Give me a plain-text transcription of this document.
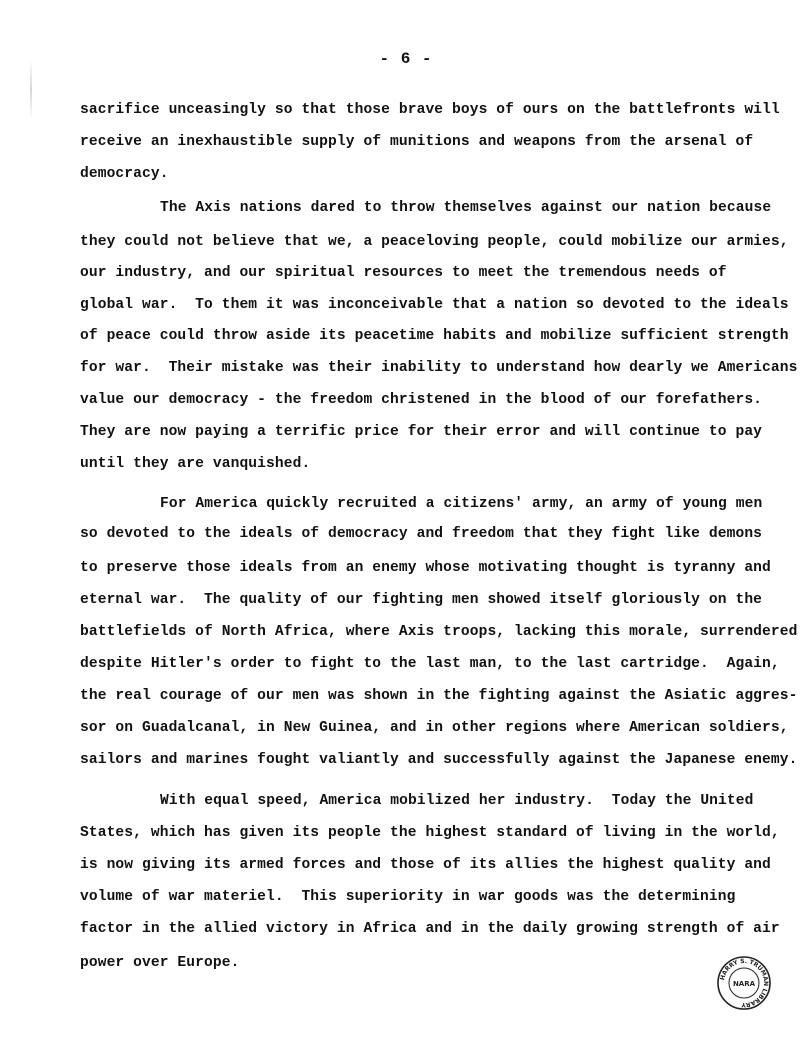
- 6 -
sacrifice unceasingly so that those brave boys of ours on the battlefronts will
receive an inexhaustible supply of munitions and weapons from the arsenal of
democracy.
The Axis nations dared to throw themselves against our nation because
they could not believe that we, a peaceloving people, could mobilize our armies,
our industry, and our spiritual resources to meet the tremendous needs of
global war.  To them it was inconceivable that a nation so devoted to the ideals
of peace could throw aside its peacetime habits and mobilize sufficient strength
for war.  Their mistake was their inability to understand how dearly we Americans
value our democracy - the freedom christened in the blood of our forefathers.
They are now paying a terrific price for their error and will continue to pay
until they are vanquished.
For America quickly recruited a citizens' army, an army of young men
so devoted to the ideals of democracy and freedom that they fight like demons
to preserve those ideals from an enemy whose motivating thought is tyranny and
eternal war.  The quality of our fighting men showed itself gloriously on the
battlefields of North Africa, where Axis troops, lacking this morale, surrendered
despite Hitler's order to fight to the last man, to the last cartridge.  Again,
the real courage of our men was shown in the fighting against the Asiatic aggres-
sor on Guadalcanal, in New Guinea, and in other regions where American soldiers,
sailors and marines fought valiantly and successfully against the Japanese enemy.
With equal speed, America mobilized her industry.  Today the United
States, which has given its people the highest standard of living in the world,
is now giving its armed forces and those of its allies the highest quality and
volume of war materiel.  This superiority in war goods was the determining
factor in the allied victory in Africa and in the daily growing strength of air
power over Europe.
HARRY S. TRUMAN LIBRARY
NARA
